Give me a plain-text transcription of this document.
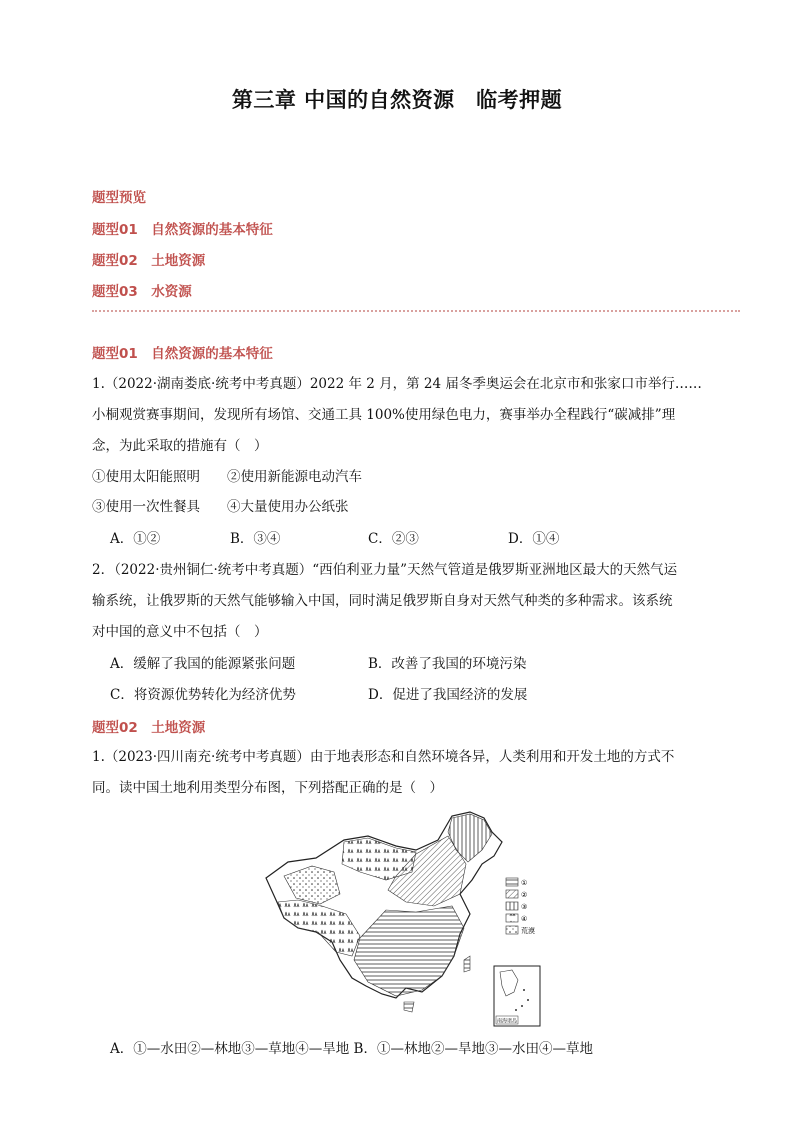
第三章 中国的自然资源　临考押题
题型预览
题型01　自然资源的基本特征
题型02　土地资源
题型03　水资源
题型01　自然资源的基本特征
1.（2022·湖南娄底·统考中考真题）2022 年 2 月，第 24 届冬季奥运会在北京市和张家口市举行……
小桐观赏赛事期间，发现所有场馆、交通工具 100%使用绿色电力，赛事举办全程践行“碳减排”理
念，为此采取的措施有（　）
①使用太阳能照明　　②使用新能源电动汽车
③使用一次性餐具　　④大量使用办公纸张
A．①②	B．③④	C．②③	D．①④
2．（2022·贵州铜仁·统考中考真题）“西伯利亚力量”天然气管道是俄罗斯亚洲地区最大的天然气运
输系统，让俄罗斯的天然气能够输入中国，同时满足俄罗斯自身对天然气种类的多种需求。该系统
对中国的意义中不包括（　）
A．缓解了我国的能源紧张问题	B．改善了我国的环境污染
C．将资源优势转化为经济优势	D．促进了我国经济的发展
题型02　土地资源
1.（2023·四川南充·统考中考真题）由于地表形态和自然环境各异，人类利用和开发土地的方式不
同。读中国土地利用类型分布图，下列搭配正确的是（　）
①
②
③
④
荒漠
南海诸岛
A．①—水田②—林地③—草地④—旱地 B．①—林地②—旱地③—水田④—草地
